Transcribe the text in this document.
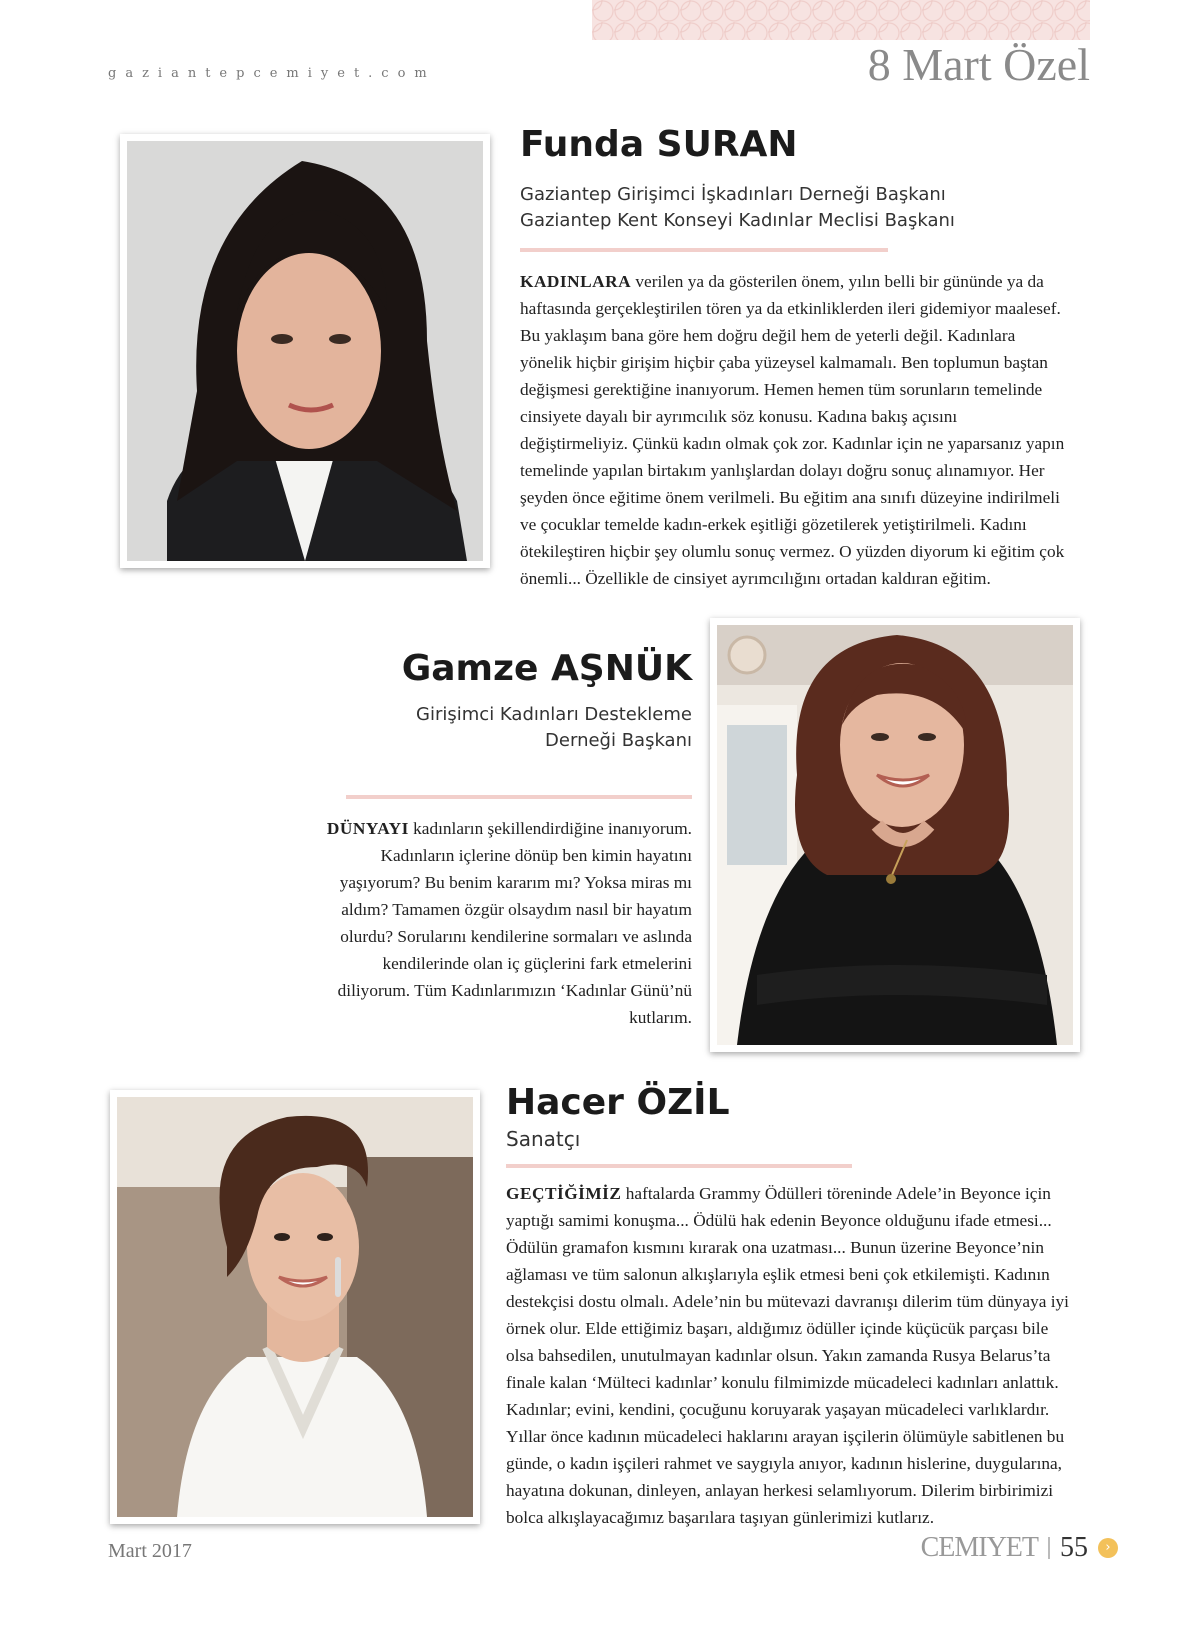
gaziantepcemiyet.com	8 Mart Özel
Funda SURAN
Gaziantep Girişimci İşkadınları Derneği Başkanı
Gaziantep Kent Konseyi Kadınlar Meclisi Başkanı
KADINLARA verilen ya da gösterilen önem, yılın belli bir gününde ya da haftasında gerçekleştirilen tören ya da etkinliklerden ileri gidemiyor maalesef. Bu yaklaşım bana göre hem doğru değil hem de yeterli değil. Kadınlara yönelik hiçbir girişim hiçbir çaba yüzeysel kalmamalı. Ben toplumun baştan değişmesi gerektiğine inanıyorum. Hemen hemen tüm sorunların temelinde cinsiyete dayalı bir ayrımcılık söz konusu. Kadına bakış açısını değiştirmeliyiz. Çünkü kadın olmak çok zor. Kadınlar için ne yaparsanız yapın temelinde yapılan birtakım yanlışlardan dolayı doğru sonuç alınamıyor. Her şeyden önce eğitime önem verilmeli. Bu eğitim ana sınıfı düzeyine indirilmeli ve çocuklar temelde kadın-erkek eşitliği gözetilerek yetiştirilmeli. Kadını ötekileştiren hiçbir şey olumlu sonuç vermez. O yüzden diyorum ki eğitim çok önemli... Özellikle de cinsiyet ayrımcılığını ortadan kaldıran eğitim.
Gamze AŞNÜK
Girişimci Kadınları Destekleme
Derneği Başkanı
DÜNYAYI kadınların şekillendirdiğine inanıyorum. Kadınların içlerine dönüp ben kimin hayatını yaşıyorum? Bu benim kararım mı? Yoksa miras mı aldım? Tamamen özgür olsaydım nasıl bir hayatım olurdu? Sorularını kendilerine sormaları ve aslında kendilerinde olan iç güçlerini fark etmelerini diliyorum. Tüm Kadınlarımızın ‘Kadınlar Günü’nü kutlarım.
Hacer ÖZİL
Sanatçı
GEÇTİĞİMİZ haftalarda Grammy Ödülleri töreninde Adele’in Beyonce için yaptığı samimi konuşma... Ödülü hak edenin Beyonce olduğunu ifade etmesi... Ödülün gramafon kısmını kırarak ona uzatması... Bunun üzerine Beyonce’nin ağlaması ve tüm salonun alkışlarıyla eşlik etmesi beni çok etkilemişti. Kadının destekçisi dostu olmalı. Adele’nin bu mütevazi davranışı dilerim tüm dünyaya iyi örnek olur. Elde ettiğimiz başarı, aldığımız ödüller içinde küçücük parçası bile olsa bahsedilen, unutulmayan kadınlar olsun. Yakın zamanda Rusya Belarus’ta finale kalan ‘Mülteci kadınlar’ konulu filmimizde mücadeleci kadınları anlattık. Kadınlar; evini, kendini, çocuğunu koruyarak yaşayan mücadeleci varlıklardır. Yıllar önce kadının mücadeleci haklarını arayan işçilerin ölümüyle sabitlenen bu günde, o kadın işçileri rahmet ve saygıyla anıyor, kadının hislerine, duygularına, hayatına dokunan, dinleyen, anlayan herkesi selamlıyorum. Dilerim birbirimizi bolca alkışlayacağımız başarılara taşıyan günlerimizi kutlarız.
Mart 2017	CEMIYET 55	›
